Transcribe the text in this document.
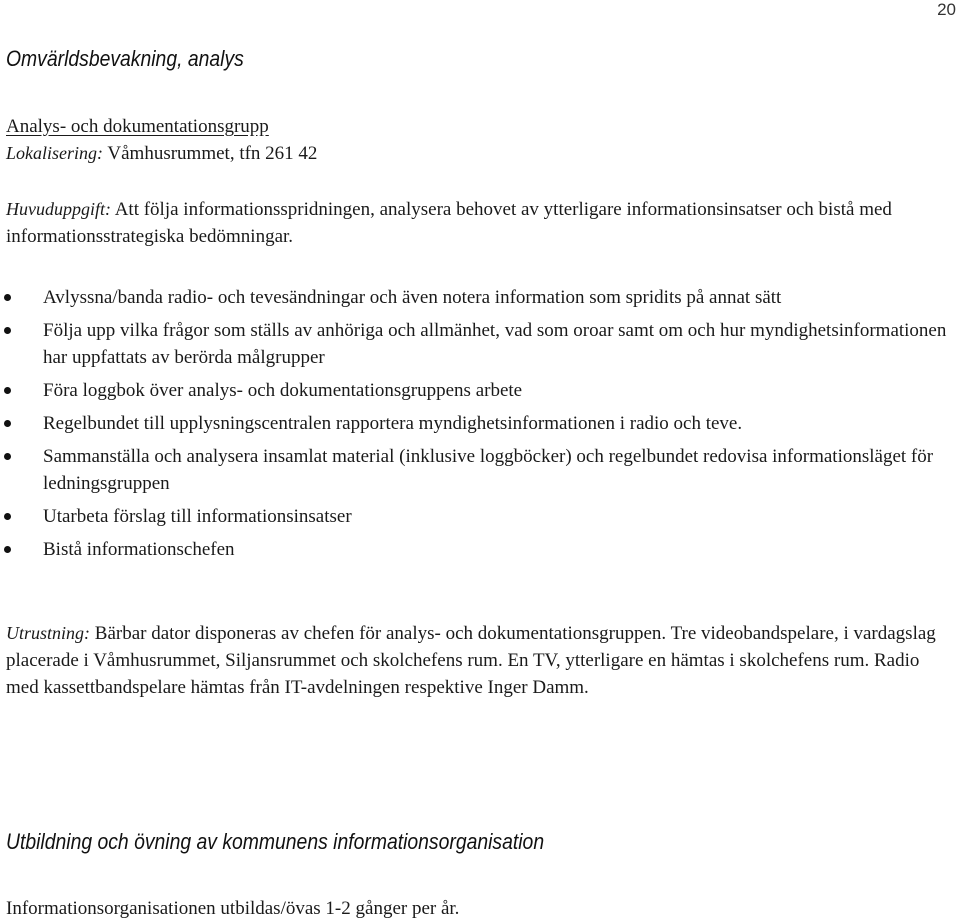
20
Omvärldsbevakning, analys

Analys- och dokumentationsgrupp

Lokalisering: Våmhusrummet, tfn 261 42

Huvuduppgift: Att följa informationsspridningen, analysera behovet av ytterligare informationsinsatser och bistå med informationsstrategiska bedömningar.

Avlyssna/banda radio- och tevesändningar och även notera information som spridits på annat sätt
Följa upp vilka frågor som ställs av anhöriga och allmänhet, vad som oroar samt om och hur myndighetsinformationen har uppfattats av berörda målgrupper
Föra loggbok över analys- och dokumentationsgruppens arbete
Regelbundet till upplysningscentralen rapportera myndighetsinformationen i radio och teve.
Sammanställa och analysera insamlat material (inklusive loggböcker) och regelbundet redovisa informationsläget för ledningsgruppen
Utarbeta förslag till informationsinsatser
Bistå informationschefen

Utrustning: Bärbar dator disponeras av chefen för analys- och dokumentationsgruppen. Tre videobandspelare, i vardagslag placerade i Våmhusrummet, Siljansrummet och skolchefens rum. En TV, ytterligare en hämtas i skolchefens rum. Radio med kassettbandspelare hämtas från IT-avdelningen respektive Inger Damm.

Utbildning och övning av kommunens informationsorganisation

Informationsorganisationen utbildas/övas 1-2 gånger per år.
